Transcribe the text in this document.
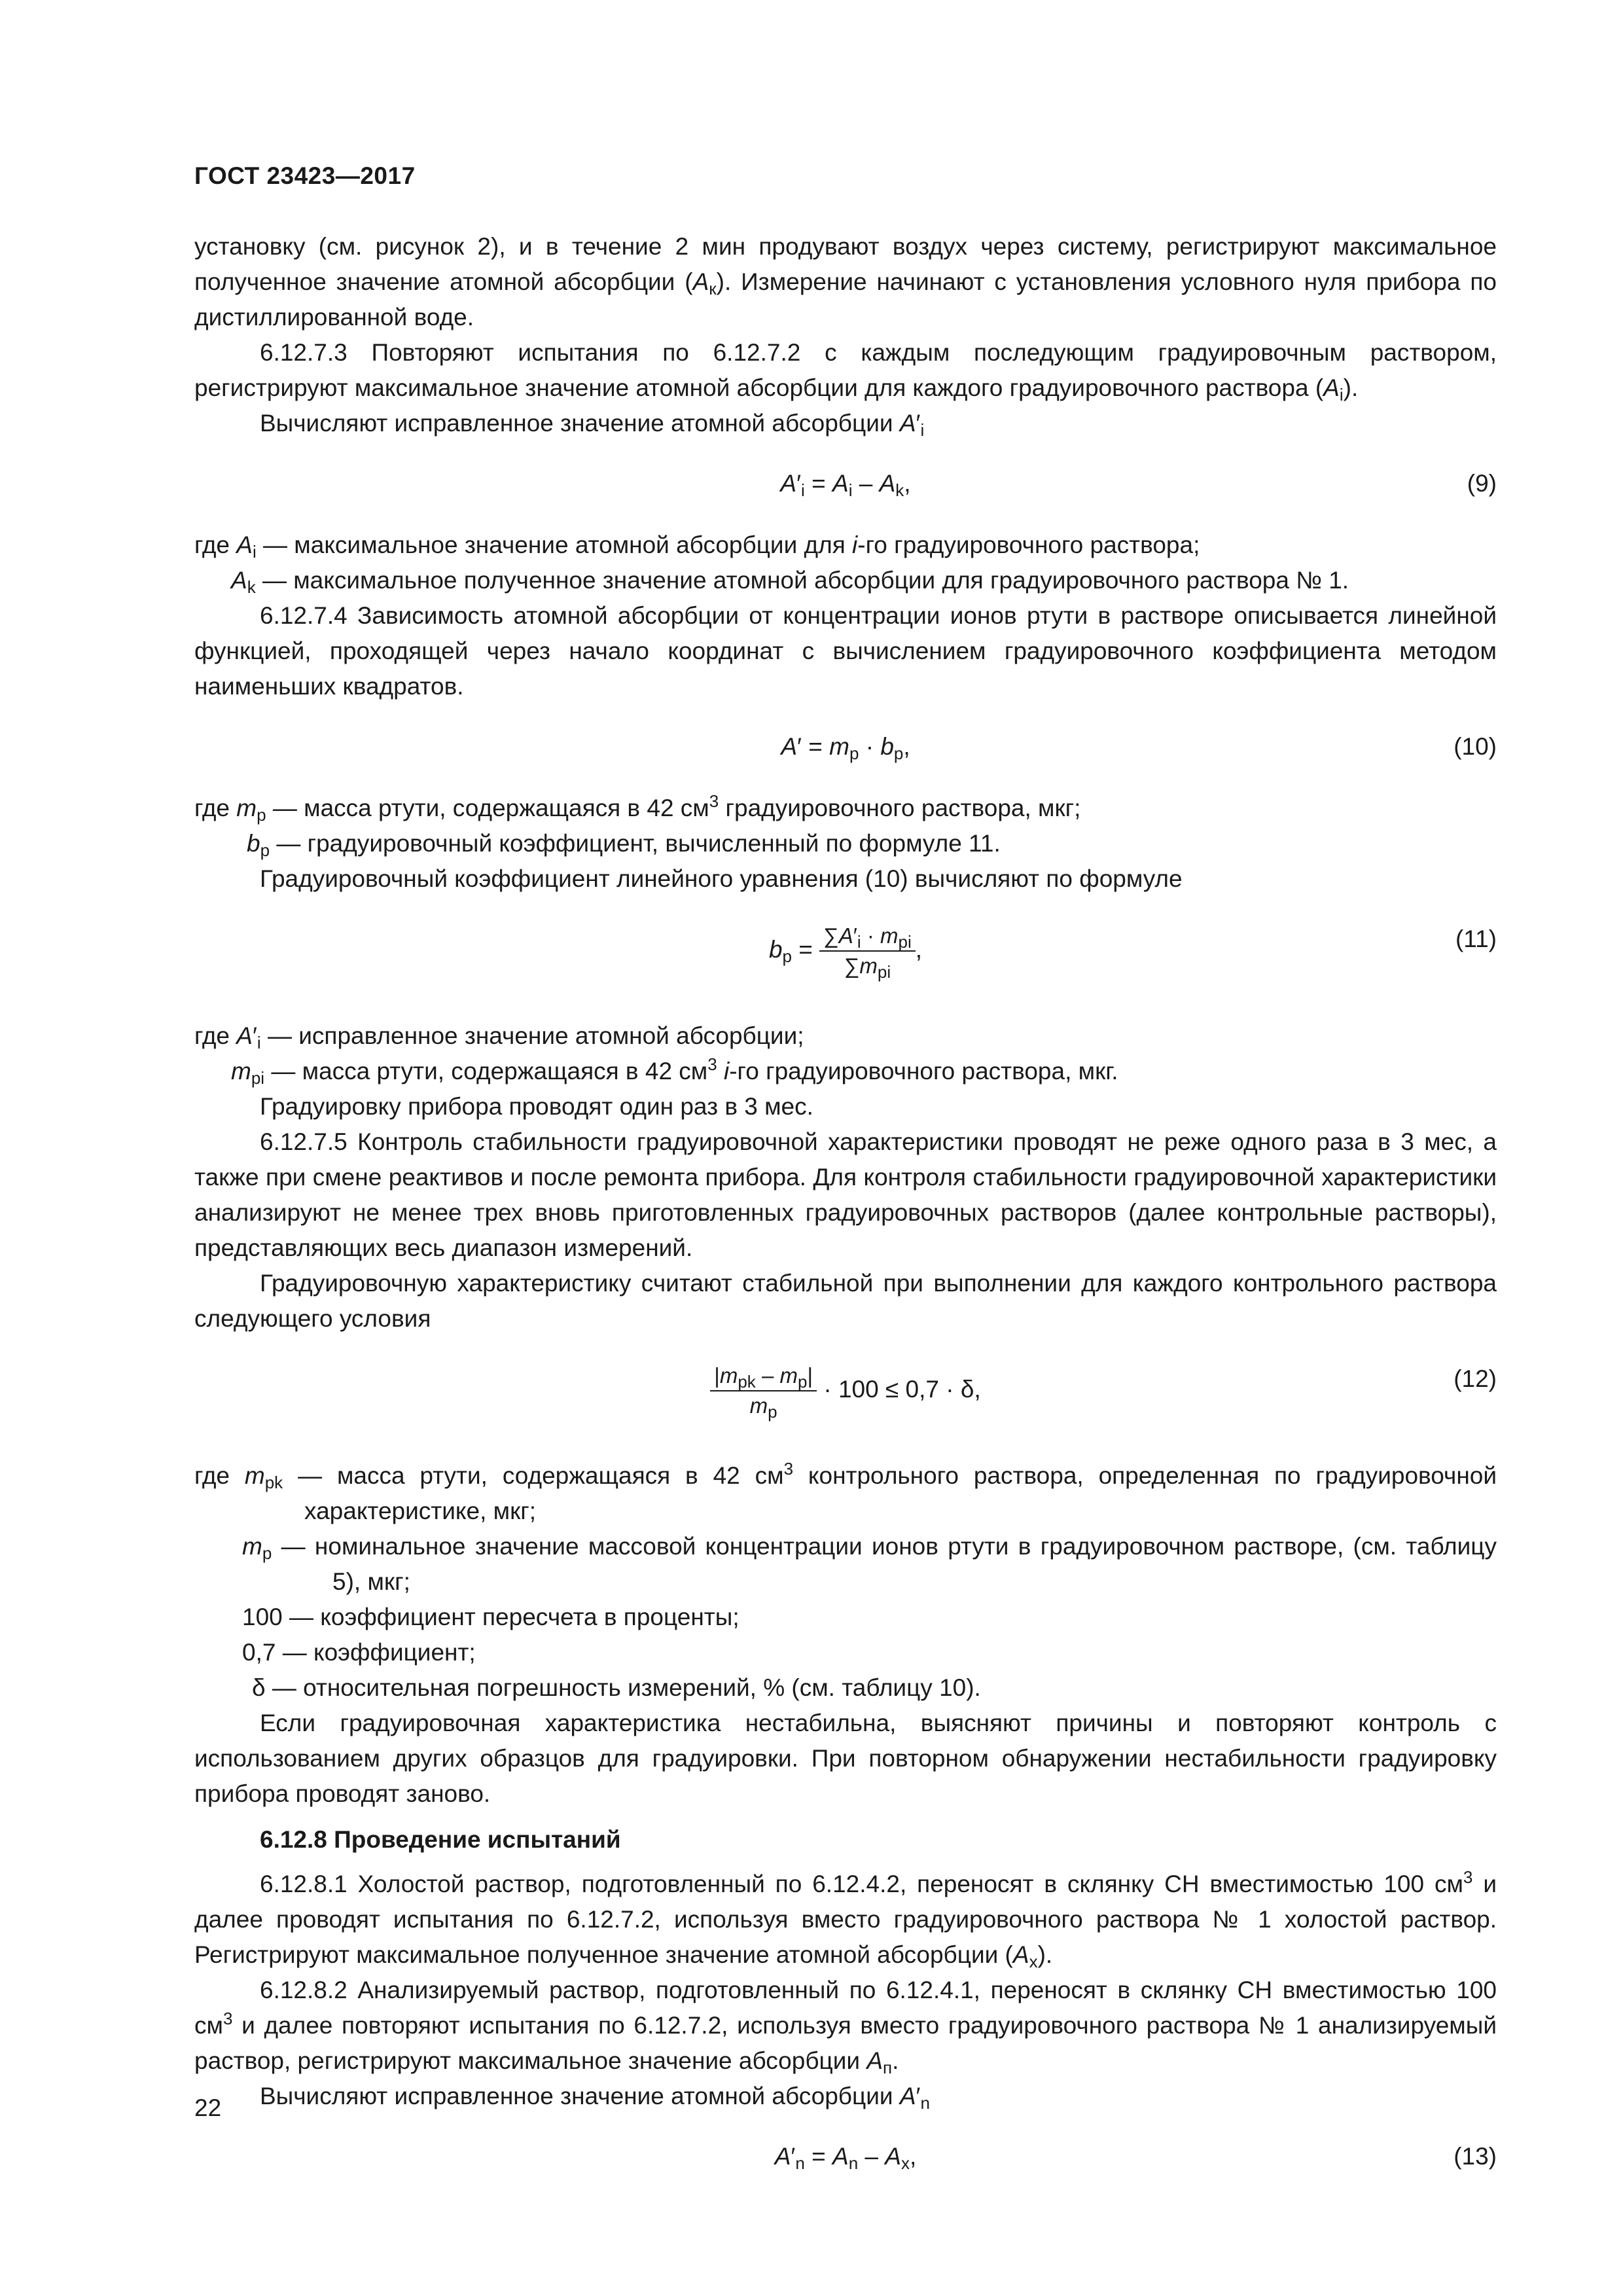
ГОСТ 23423—2017

установку (см. рисунок 2), и в течение 2 мин продувают воздух через систему, регистрируют максимальное полученное значение атомной абсорбции $(A_к)$. Измерение начинают с установления условного нуля прибора по дистиллированной воде.

6.12.7.3 Повторяют испытания по 6.12.7.2 с каждым последующим градуировочным раствором, регистрируют максимальное значение атомной абсорбции для каждого градуировочного раствора $(A_i)$.

Вычисляют исправленное значение атомной абсорбции $A'_i$

$A'_i = A_i - A_k$,	(9)

где $A_i$ — максимальное значение атомной абсорбции для i-го градуировочного раствора;

$A_k$ — максимальное полученное значение атомной абсорбции для градуировочного раствора № 1.

6.12.7.4 Зависимость атомной абсорбции от концентрации ионов ртути в растворе описывается линейной функцией, проходящей через начало координат с вычислением градуировочного коэффициента методом наименьших квадратов.

$A' = m_p \cdot b_p$,	(10)

где $m_p$ — масса ртути, содержащаяся в 42 $см^3$ градуировочного раствора, мкг;

$b_p$ — градуировочный коэффициент, вычисленный по формуле 11.

Градуировочный коэффициент линейного уравнения (10) вычисляют по формуле

$b_p = \frac{\sum A'_i \cdot m_{pi}}{\sum m_{pi}}$ ,	(11)

где $A'_i$ — исправленное значение атомной абсорбции;

$m_{pi}$ — масса ртути, содержащаяся в 42 $см^3$ i-го градуировочного раствора, мкг.

Градуировку прибора проводят один раз в 3 мес.

6.12.7.5 Контроль стабильности градуировочной характеристики проводят не реже одного раза в 3 мес, а также при смене реактивов и после ремонта прибора. Для контроля стабильности градуировочной характеристики анализируют не менее трех вновь приготовленных градуировочных растворов (далее контрольные растворы), представляющих весь диапазон измерений.

Градуировочную характеристику считают стабильной при выполнении для каждого контрольного раствора следующего условия

$\frac{|m_{pk} - m_p|}{m_p} \cdot 100 \le 0,7 \cdot \delta$,	(12)

где $m_{pk}$ — масса ртути, содержащаяся в 42 $см^3$ контрольного раствора, определенная по градуировочной характеристике, мкг;

$m_p$ — номинальное значение массовой концентрации ионов ртути в градуировочном растворе, (см. таблицу 5), мкг;

100 — коэффициент пересчета в проценты;

0,7 — коэффициент;

δ — относительная погрешность измерений, % (см. таблицу 10).

Если градуировочная характеристика нестабильна, выясняют причины и повторяют контроль с использованием других образцов для градуировки. При повторном обнаружении нестабильности градуировку прибора проводят заново.

6.12.8 Проведение испытаний

6.12.8.1 Холостой раствор, подготовленный по 6.12.4.2, переносят в склянку СН вместимостью 100 $см^3$ и далее проводят испытания по 6.12.7.2, используя вместо градуировочного раствора № 1 холостой раствор. Регистрируют максимальное полученное значение атомной абсорбции $(A_x)$.

6.12.8.2 Анализируемый раствор, подготовленный по 6.12.4.1, переносят в склянку СН вместимостью 100 $см^3$ и далее повторяют испытания по 6.12.7.2, используя вместо градуировочного раствора № 1 анализируемый раствор, регистрируют максимальное значение абсорбции $A_п$.

Вычисляют исправленное значение атомной абсорбции $A'_n$

$A'_n = A_n - A_x$,	(13)
22
